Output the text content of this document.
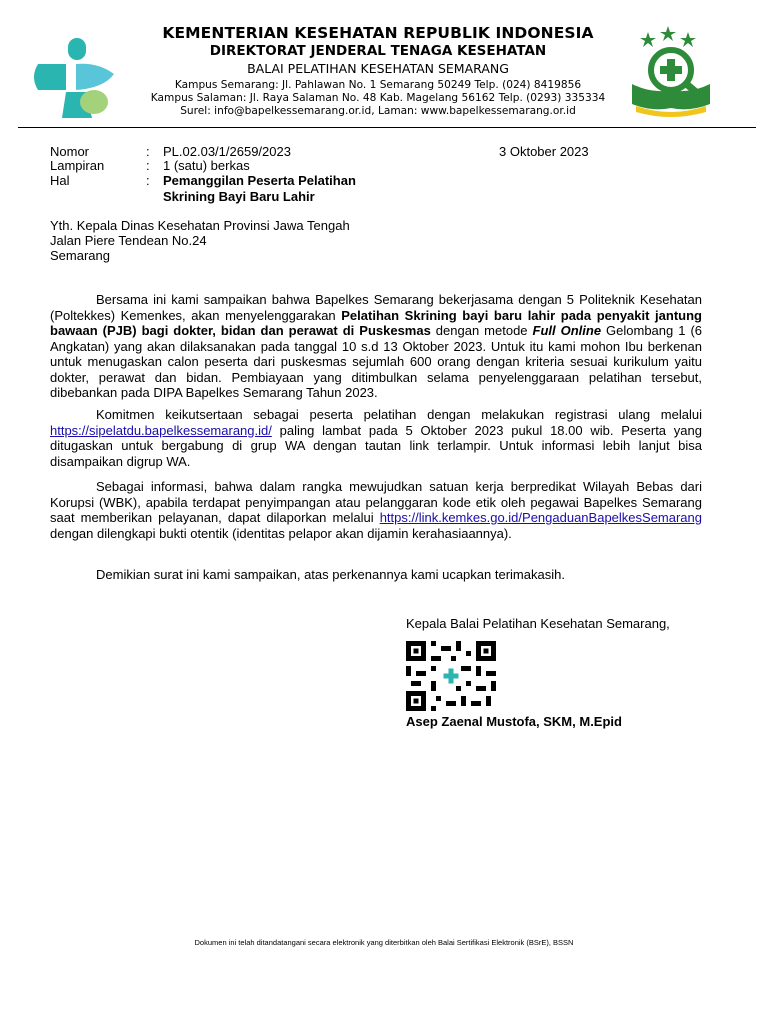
SEJATI UTAMA BAKTI BUDAYA
KEMENTERIAN KESEHATAN REPUBLIK INDONESIA
DIREKTORAT JENDERAL TENAGA KESEHATAN
BALAI PELATIHAN KESEHATAN SEMARANG
Kampus Semarang: Jl. Pahlawan No. 1 Semarang 50249 Telp. (024) 8419856
Kampus Salaman: Jl. Raya Salaman No. 48 Kab. Magelang 56162 Telp. (0293) 335334
Surel: info@bapelkessemarang.or.id, Laman: www.bapelkessemarang.or.id
Nomor	: PL.02.03/1/2659/2023	3 Oktober 2023
Lampiran	: 1 (satu) berkas
Hal	: Pemanggilan Peserta Pelatihan
Skrining Bayi Baru Lahir
Yth. Kepala Dinas Kesehatan Provinsi Jawa Tengah
Jalan Piere Tendean No.24
Semarang
Bersama ini kami sampaikan bahwa Bapelkes Semarang bekerjasama dengan 5 Politeknik Kesehatan (Poltekkes) Kemenkes, akan menyelenggarakan Pelatihan Skrining bayi baru lahir pada penyakit jantung bawaan (PJB) bagi dokter, bidan dan perawat di Puskesmas dengan metode Full Online Gelombang 1 (6 Angkatan) yang akan dilaksanakan pada tanggal 10 s.d 13 Oktober 2023. Untuk itu kami mohon Ibu berkenan untuk menugaskan calon peserta dari puskesmas sejumlah 600 orang dengan kriteria sesuai kurikulum yaitu dokter, perawat dan bidan. Pembiayaan yang ditimbulkan selama penyelenggaraan pelatihan tersebut, dibebankan pada DIPA Bapelkes Semarang Tahun 2023.
Komitmen keikutsertaan sebagai peserta pelatihan dengan melakukan registrasi ulang melalui https://sipelatdu.bapelkessemarang.id/ paling lambat pada 5 Oktober 2023 pukul 18.00 wib. Peserta yang ditugaskan untuk bergabung di grup WA dengan tautan link terlampir. Untuk informasi lebih lanjut bisa disampaikan digrup WA.
Sebagai informasi, bahwa dalam rangka mewujudkan satuan kerja berpredikat Wilayah Bebas dari Korupsi (WBK), apabila terdapat penyimpangan atau pelanggaran kode etik oleh pegawai Bapelkes Semarang saat memberikan pelayanan, dapat dilaporkan melalui https://link.kemkes.go.id/PengaduanBapelkesSemarang dengan dilengkapi bukti otentik (identitas pelapor akan dijamin kerahasiaannya).
Demikian surat ini kami sampaikan, atas perkenannya kami ucapkan terimakasih.
Kepala Balai Pelatihan Kesehatan Semarang,
Asep Zaenal Mustofa, SKM, M.Epid
Dokumen ini telah ditandatangani secara elektronik yang diterbitkan oleh Balai Sertifikasi Elektronik (BSrE), BSSN
